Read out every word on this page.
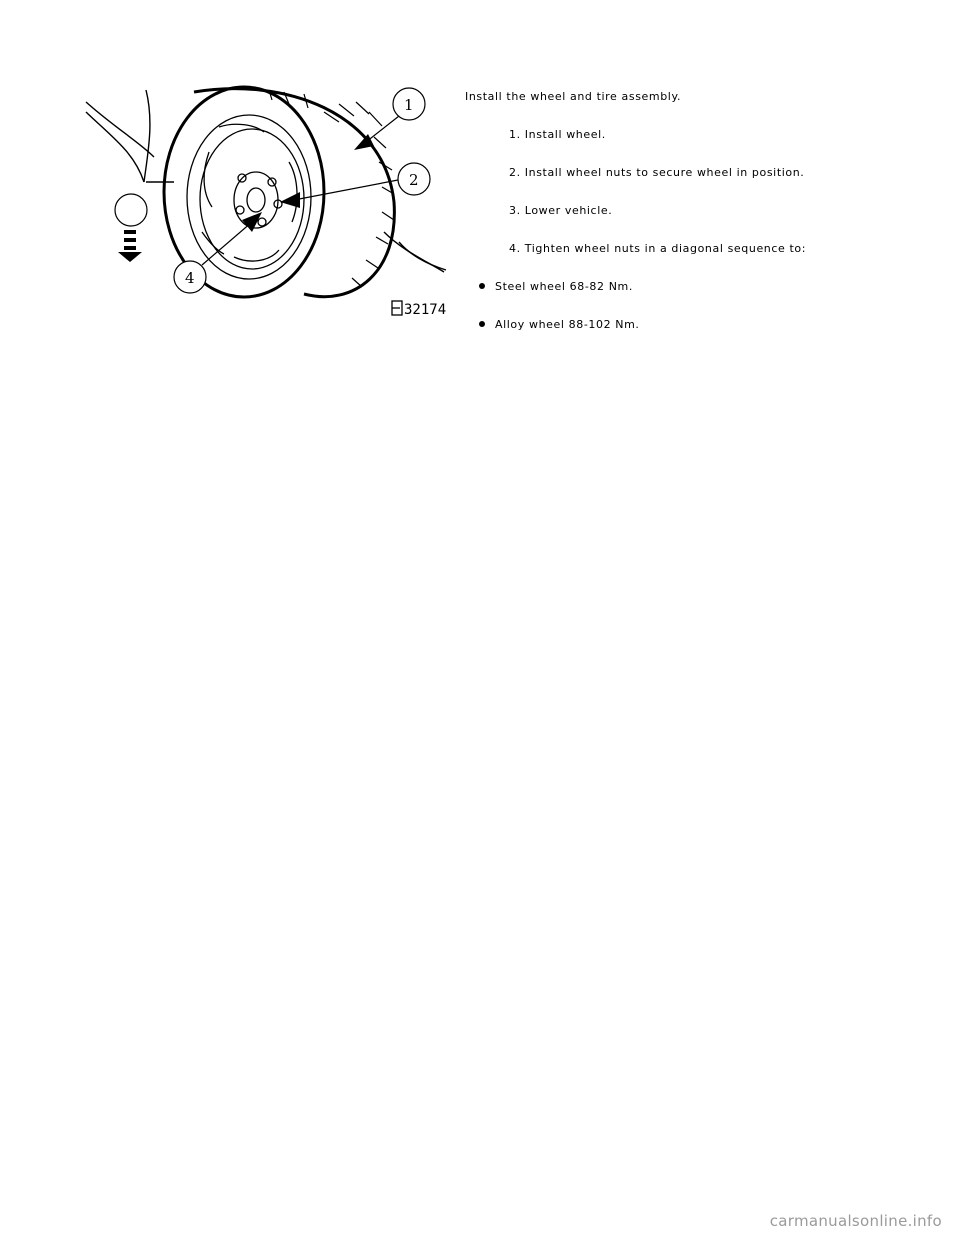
1
2
4
32174
Install the wheel and tire assembly.
1. Install wheel.
2. Install wheel nuts to secure wheel in position.
3. Lower vehicle.
4. Tighten wheel nuts in a diagonal sequence to:
Steel wheel 68-82 Nm.
Alloy wheel 88-102 Nm.
carmanualsonline.info
